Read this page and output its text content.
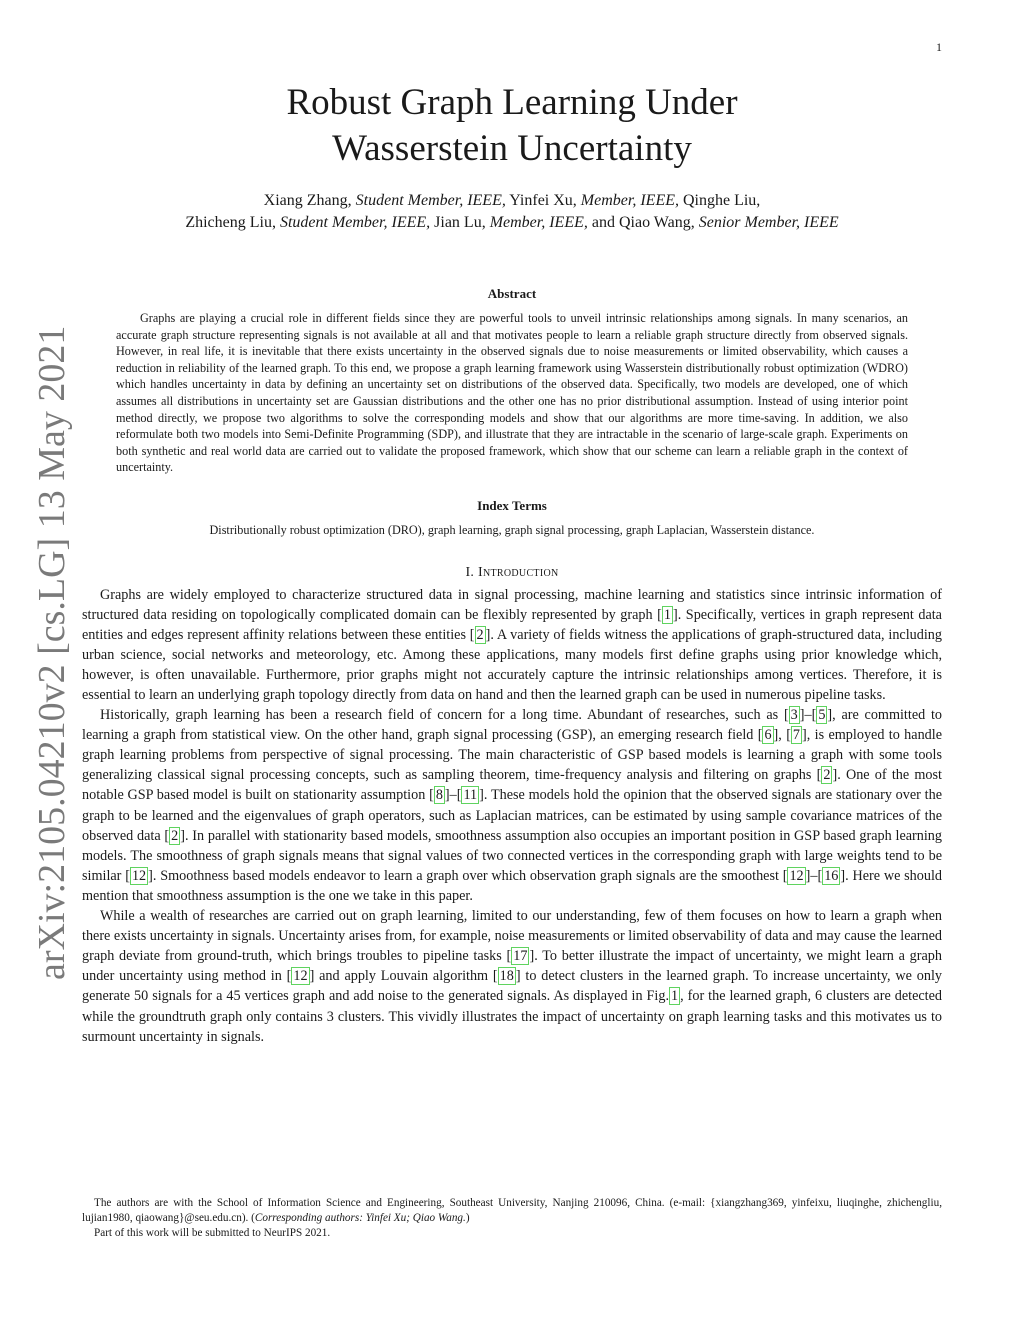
1
arXiv:2105.04210v2 [cs.LG] 13 May 2021
Robust Graph Learning Under
Wasserstein Uncertainty
Xiang Zhang, Student Member, IEEE, Yinfei Xu, Member, IEEE, Qinghe Liu,
Zhicheng Liu, Student Member, IEEE, Jian Lu, Member, IEEE, and Qiao Wang, Senior Member, IEEE
Abstract

Graphs are playing a crucial role in different fields since they are powerful tools to unveil intrinsic relationships among signals. In many scenarios, an accurate graph structure representing signals is not available at all and that motivates people to learn a reliable graph structure directly from observed signals. However, in real life, it is inevitable that there exists uncertainty in the observed signals due to noise measurements or limited observability, which causes a reduction in reliability of the learned graph. To this end, we propose a graph learning framework using Wasserstein distributionally robust optimization (WDRO) which handles uncertainty in data by defining an uncertainty set on distributions of the observed data. Specifically, two models are developed, one of which assumes all distributions in uncertainty set are Gaussian distributions and the other one has no prior distributional assumption. Instead of using interior point method directly, we propose two algorithms to solve the corresponding models and show that our algorithms are more time-saving. In addition, we also reformulate both two models into Semi-Definite Programming (SDP), and illustrate that they are intractable in the scenario of large-scale graph. Experiments on both synthetic and real world data are carried out to validate the proposed framework, which show that our scheme can learn a reliable graph in the context of uncertainty.

Index Terms
Distributionally robust optimization (DRO), graph learning, graph signal processing, graph Laplacian, Wasserstein distance.
I. Introduction

Graphs are widely employed to characterize structured data in signal processing, machine learning and statistics since intrinsic information of structured data residing on topologically complicated domain can be flexibly represented by graph [ 1 ]. Specifically, vertices in graph represent data entities and edges represent affinity relations between these entities [ 2 ]. A variety of fields witness the applications of graph-structured data, including urban science, social networks and meteorology, etc. Among these applications, many models first define graphs using prior knowledge which, however, is often unavailable. Furthermore, prior graphs might not accurately capture the intrinsic relationships among vertices. Therefore, it is essential to learn an underlying graph topology directly from data on hand and then the learned graph can be used in numerous pipeline tasks.

Historically, graph learning has been a research field of concern for a long time. Abundant of researches, such as [ 3 ]–[ 5 ], are committed to learning a graph from statistical view. On the other hand, graph signal processing (GSP), an emerging research field [ 6 ], [ 7 ], is employed to handle graph learning problems from perspective of signal processing. The main characteristic of GSP based models is learning a graph with some tools generalizing classical signal processing concepts, such as sampling theorem, time-frequency analysis and filtering on graphs [ 2 ]. One of the most notable GSP based model is built on stationarity assumption [ 8 ]–[ 11 ]. These models hold the opinion that the observed signals are stationary over the graph to be learned and the eigenvalues of graph operators, such as Laplacian matrices, can be estimated by using sample covariance matrices of the observed data [ 2 ]. In parallel with stationarity based models, smoothness assumption also occupies an important position in GSP based graph learning models. The smoothness of graph signals means that signal values of two connected vertices in the corresponding graph with large weights tend to be similar [ 12 ]. Smoothness based models endeavor to learn a graph over which observation graph signals are the smoothest [ 12 ]–[ 16 ]. Here we should mention that smoothness assumption is the one we take in this paper.

While a wealth of researches are carried out on graph learning, limited to our understanding, few of them focuses on how to learn a graph when there exists uncertainty in signals. Uncertainty arises from, for example, noise measurements or limited observability of data and may cause the learned graph deviate from ground-truth, which brings troubles to pipeline tasks [ 17 ]. To better illustrate the impact of uncertainty, we might learn a graph under uncertainty using method in [ 12 ] and apply Louvain algorithm [ 18 ] to detect clusters in the learned graph. To increase uncertainty, we only generate 50 signals for a 45 vertices graph and add noise to the generated signals. As displayed in Fig. 1 , for the learned graph, 6 clusters are detected while the groundtruth graph only contains 3 clusters. This vividly illustrates the impact of uncertainty on graph learning tasks and this motivates us to surmount uncertainty in signals.

The authors are with the School of Information Science and Engineering, Southeast University, Nanjing 210096, China. (e-mail: {xiangzhang369, yinfeixu, liuqinghe, zhichengliu, lujian1980, qiaowang}@seu.edu.cn). (Corresponding authors: Yinfei Xu; Qiao Wang.)

Part of this work will be submitted to NeurIPS 2021.
